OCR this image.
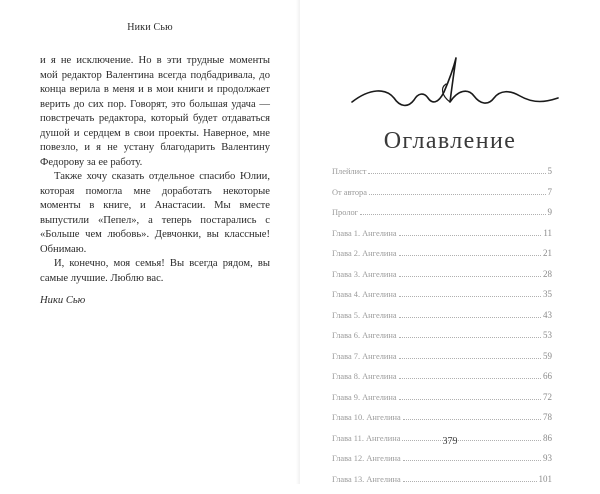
Ники Сью

и я не исключение. Но в эти трудные моменты мой редактор Валентина всегда подбадривала, до конца верила в меня и в мои книги и продолжает верить до сих пор. Говорят, это большая удача — повстречать редактора, который будет отдаваться душой и сердцем в свои проекты. Наверное, мне повезло, и я не устану благодарить Валентину Федорову за ее работу.

Также хочу сказать отдельное спасибо Юлии, которая помогла мне доработать некоторые моменты в книге, и Анастасии. Мы вместе выпустили «Пепел», а теперь постарались с «Больше чем любовь». Девчонки, вы классные! Обнимаю.

И, конечно, моя семья! Вы всегда рядом, вы самые лучшие. Люблю вас.

Ники Сью

Оглавление
Плейлист	5
От автора	7
Пролог	9
Глава 1. Ангелина	11
Глава 2. Ангелина	21
Глава 3. Ангелина	28
Глава 4. Ангелина	35
Глава 5. Ангелина	43
Глава 6. Ангелина	53
Глава 7. Ангелина	59
Глава 8. Ангелина	66
Глава 9. Ангелина	72
Глава 10. Ангелина	78
Глава 11. Ангелина	86
Глава 12. Ангелина	93
Глава 13. Ангелина	101
379
